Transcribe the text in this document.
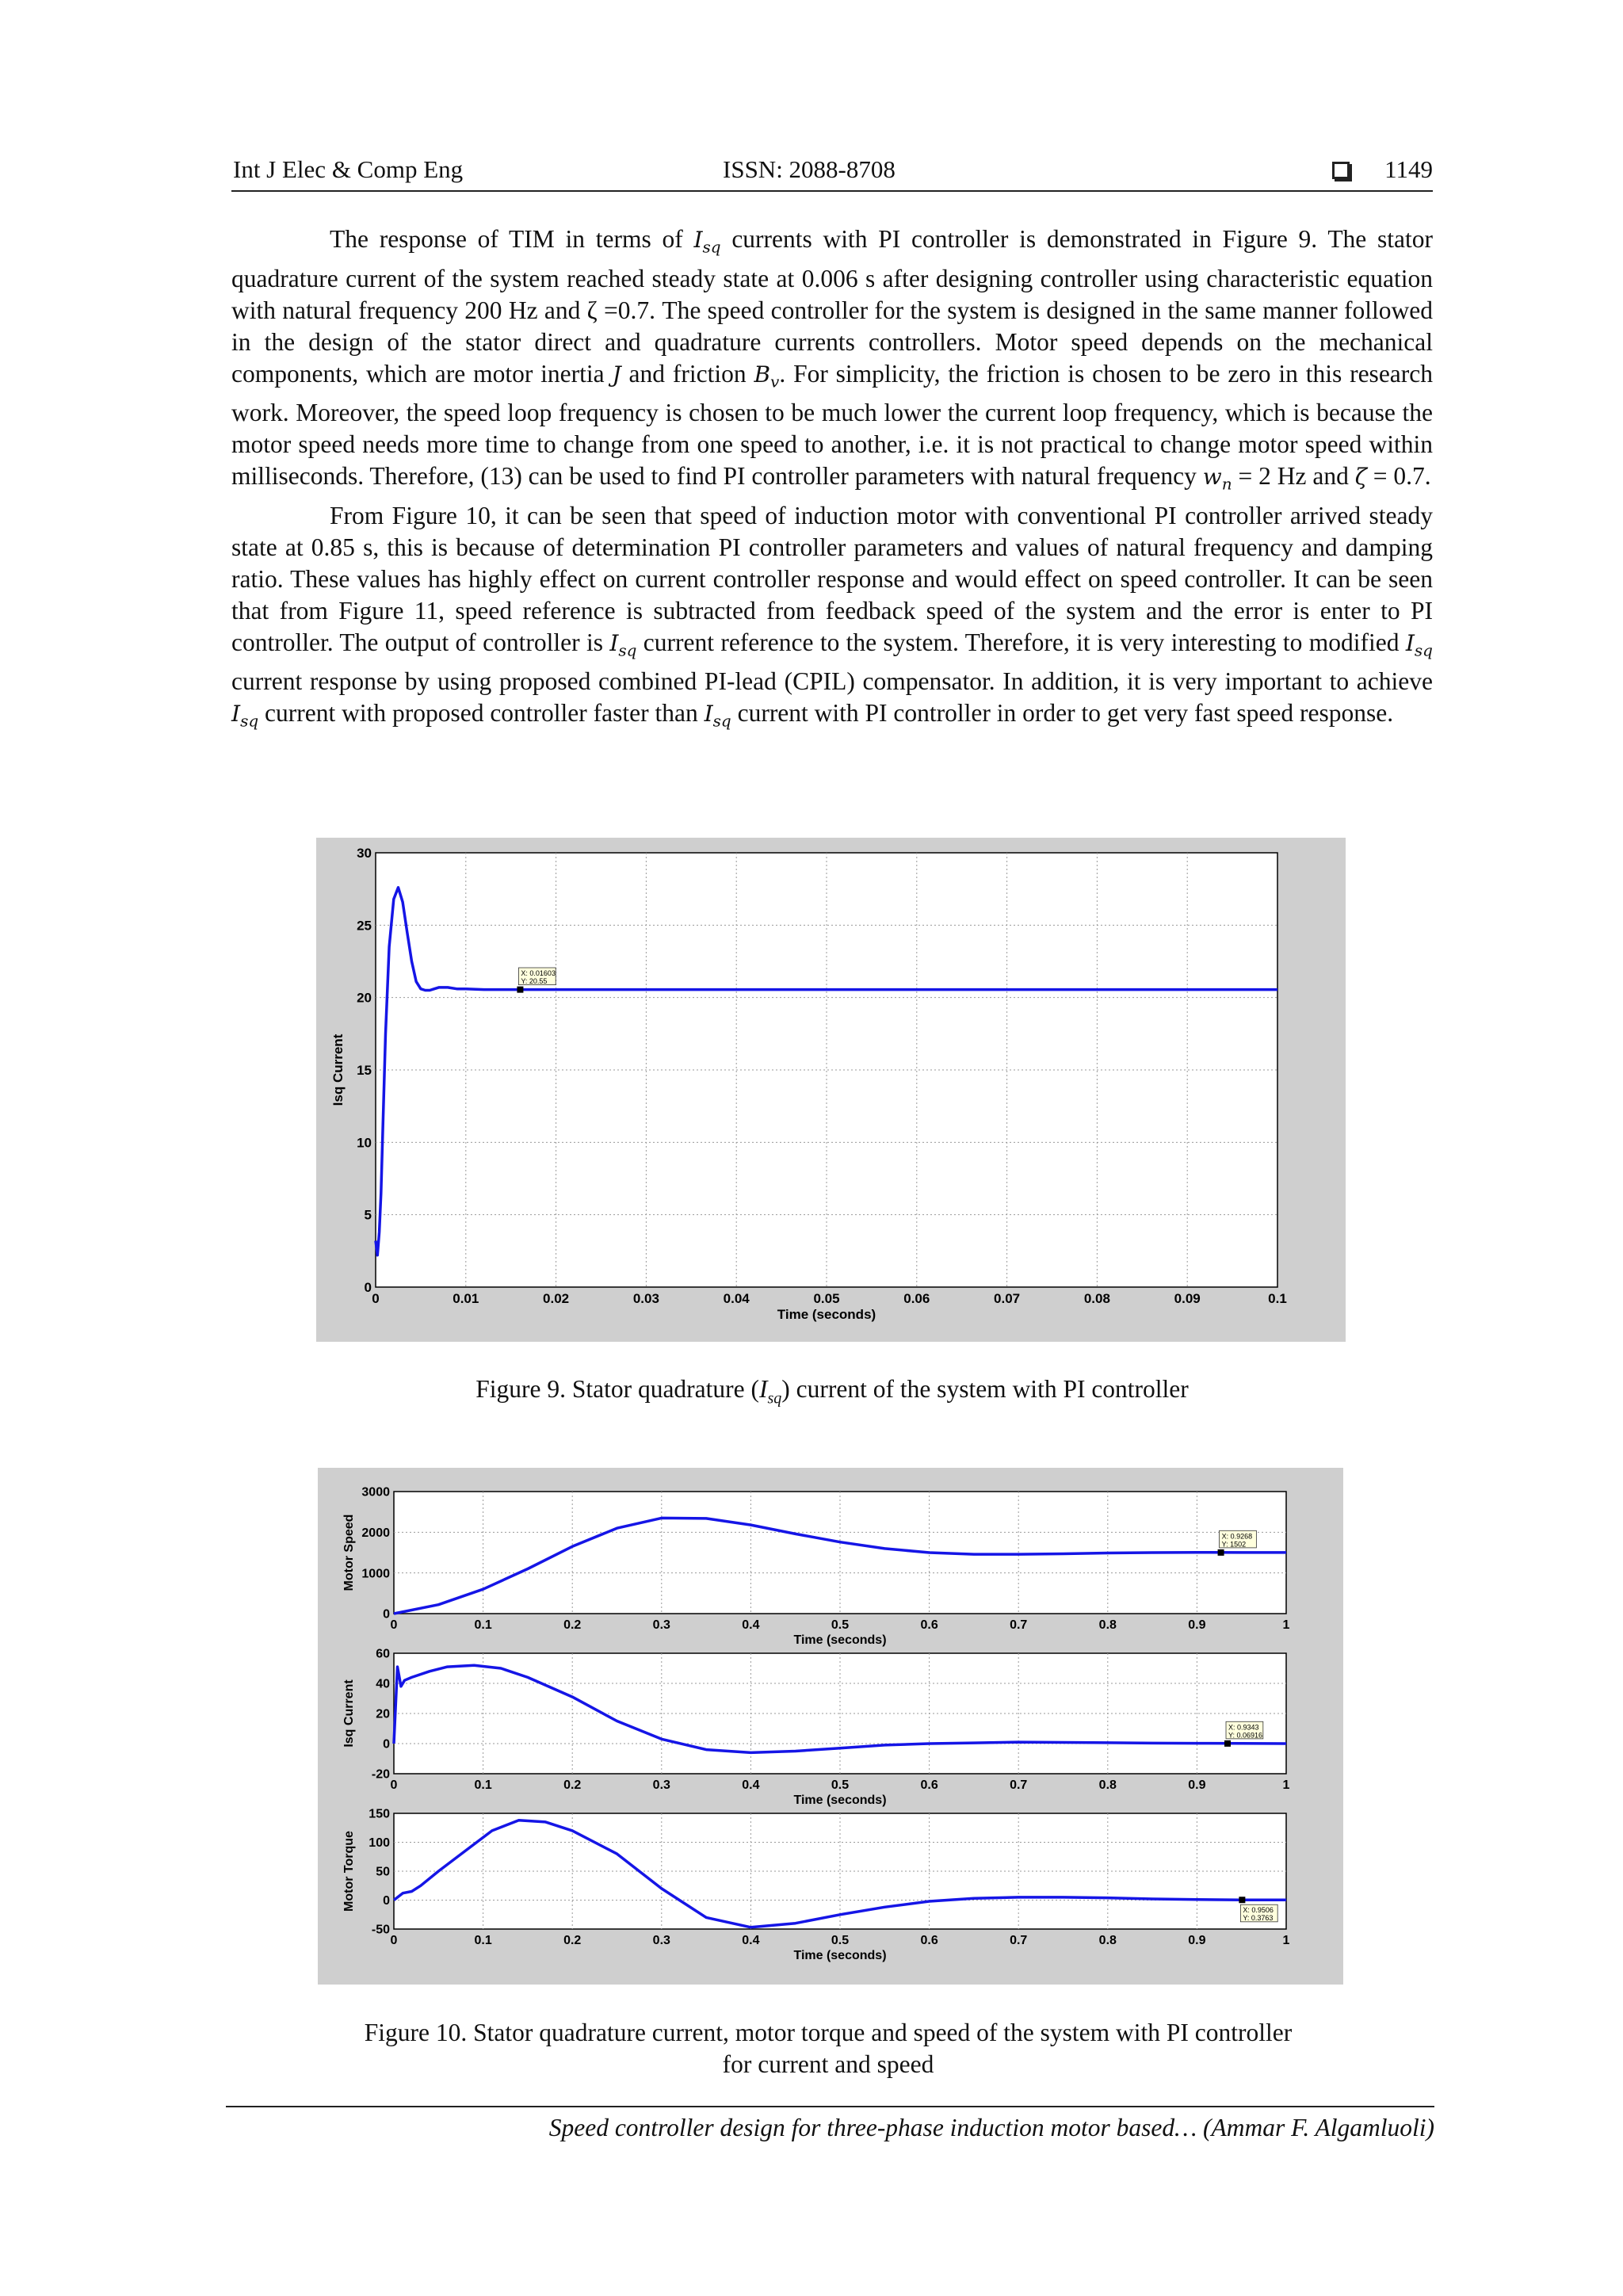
Int J Elec & Comp Eng	ISSN: 2088-8708	1149

The response of TIM in terms of $I_{sq}$ currents with PI controller is demonstrated in Figure 9. The stator quadrature current of the system reached steady state at 0.006 s after designing controller using characteristic equation with natural frequency 200 Hz and ζ =0.7. The speed controller for the system is designed in the same manner followed in the design of the stator direct and quadrature currents controllers. Motor speed depends on the mechanical components, which are motor inertia J and friction $B_v$. For simplicity, the friction is chosen to be zero in this research work. Moreover, the speed loop frequency is chosen to be much lower the current loop frequency, which is because the motor speed needs more time to change from one speed to another, i.e. it is not practical to change motor speed within milliseconds. Therefore, (13) can be used to find PI controller parameters with natural frequency $w_n = 2$ Hz and ζ = 0.7.

From Figure 10, it can be seen that speed of induction motor with conventional PI controller arrived steady state at 0.85 s, this is because of determination PI controller parameters and values of natural frequency and damping ratio. These values has highly effect on current controller response and would effect on speed controller. It can be seen that from Figure 11, speed reference is subtracted from feedback speed of the system and the error is enter to PI controller. The output of controller is $I_{sq}$ current reference to the system. Therefore, it is very interesting to modified $I_{sq}$ current response by using proposed combined PI-lead (CPIL) compensator. In addition, it is very important to achieve $I_{sq}$ current with proposed controller faster than $I_{sq}$ current with PI controller in order to get very fast speed response.

0	0.01	0.02	0.03	0.04	0.05	0.06	0.07	0.08	0.09	0.1
0
5
10
15
20
25
30
Time (seconds)
Isq Current
X: 0.01603
Y: 20.55
Figure 9. Stator quadrature $(I_{sq})$ current of the system with PI controller
0	0.1	0.2	0.3	0.4	0.5	0.6	0.7	0.8	0.9	1
0
1000
2000
3000
Time (seconds)
Motor Speed	X: 0.9268
Y: 1502
0	0.1	0.2	0.3	0.4	0.5	0.6	0.7	0.8	0.9	1
-20
0
20
40
60
Time (seconds)
Isq Current	X: 0.9343
Y: 0.06916
0	0.1	0.2	0.3	0.4	0.5	0.6	0.7	0.8	0.9	1
-50
0
50
100
150
Time (seconds)
Motor Torque	X: 0.9506
Y: 0.3763
Figure 10. Stator quadrature current, motor torque and speed of the system with PI controller
for current and speed
Speed controller design for three-phase induction motor based… (Ammar F. Algamluoli)
